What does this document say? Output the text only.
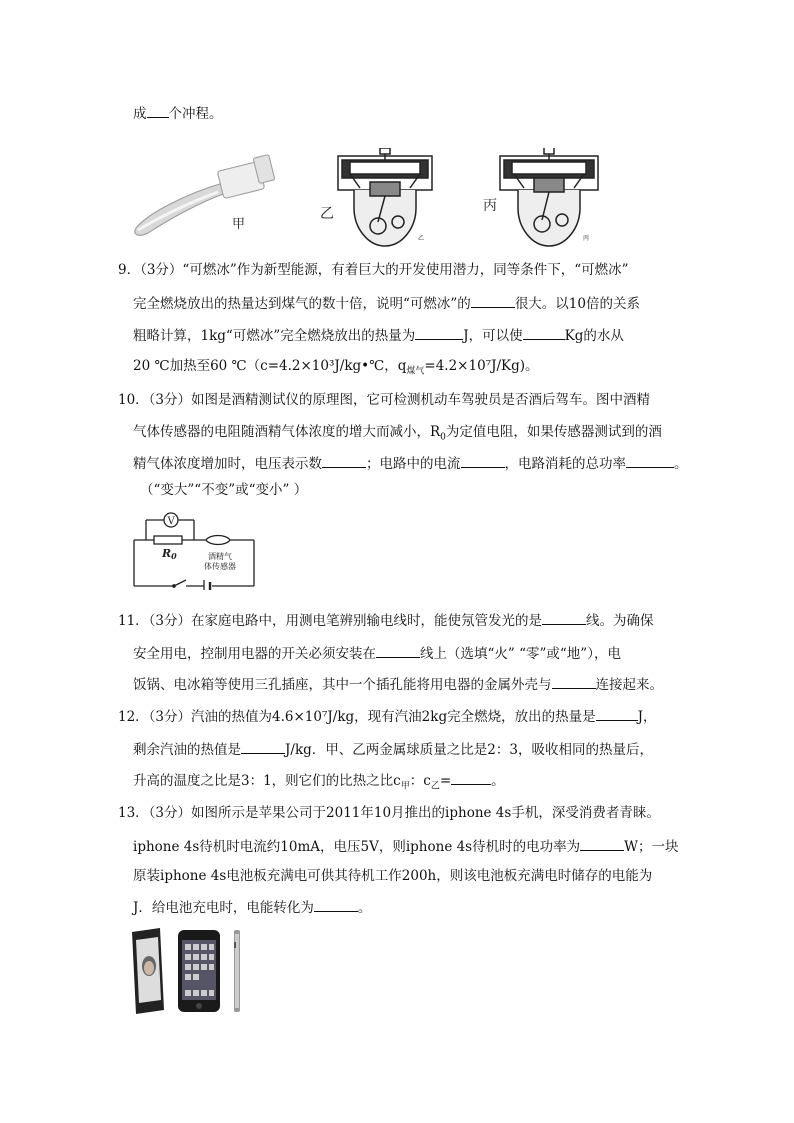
成 个冲程。
甲
乙
乙
丙
丙
9．（3分）“可燃冰”作为新型能源，有着巨大的开发使用潜力，同等条件下，“可燃冰”
完全燃烧放出的热量达到煤气的数十倍，说明“可燃冰”的	很大。以10倍的关系
粗略计算，1kg“可燃冰”完全燃烧放出的热量为	J，可以使	Kg的水从
20 ℃加热至60 ℃（c=4.2×10³J/kg•℃，$q_{煤气}=4.2\times 10^7J/Kg$)。
10．（3分）如图是酒精测试仪的原理图，它可检测机动车驾驶员是否酒后驾车。图中酒精
气体传感器的电阻随酒精气体浓度的增大而减小，$R_0$为定值电阻，如果传感器测试到的酒
精气体浓度增加时，电压表示数	；电路中的电流	，电路消耗的总功率	。
（“变大”“不变”或“变小” ）
V
R0	酒精气
体传感器
11．（3分）在家庭电路中，用测电笔辨别输电线时，能使氖管发光的是	线。为确保
安全用电，控制用电器的开关必须安装在	线上（选填“火” “零”或“地”），电
饭锅、电冰箱等使用三孔插座，其中一个插孔能将用电器的金属外壳与	连接起来。
12．（3分）汽油的热值为4.6×10⁷J/kg，现有汽油2kg完全燃烧，放出的热量是	J，
剩余汽油的热值是	J/kg．甲、乙两金属球质量之比是2：3，吸收相同的热量后，
升高的温度之比是3：1，则它们的比热之比$c_甲$：$c_乙=$	。
13．（3分）如图所示是苹果公司于2011年10月推出的iphone 4s手机，深受消费者青睐。
iphone 4s待机时电流约10mA，电压5V，则iphone 4s待机时的电功率为	W；一块
原装iphone 4s电池板充满电可供其待机工作200h，则该电池板充满电时储存的电能为
J．给电池充电时，电能转化为	。
